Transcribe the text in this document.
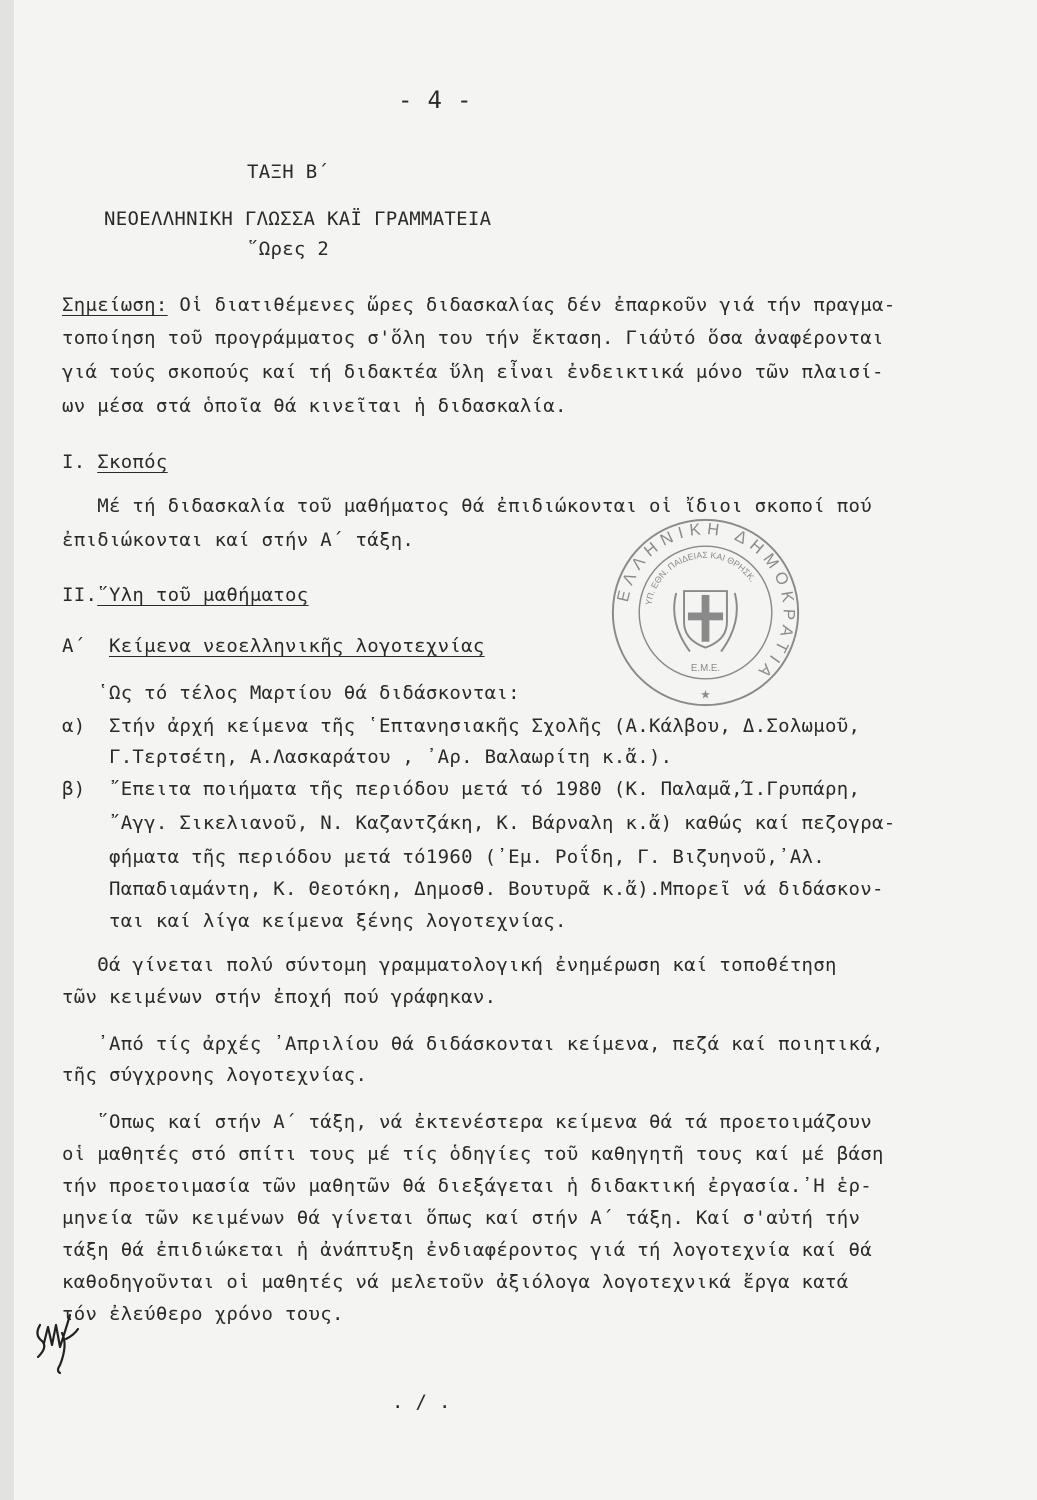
- 4 -
ΤΑΞΗ Β΄
ΝΕΟΕΛΛΗΝΙΚΗ ΓΛΩΣΣΑ ΚΑΪ ΓΡΑΜΜΑΤΕΙΑ
῞Ωρες 2
Σημείωση: Οἱ διατιθέμενες ὥρες διδασκαλίας δέν ἐπαρκοῦν γιά τήν πραγμα-
τοποίηση τοῦ προγράμματος σ'ὅλη του τήν ἔκταση. Γιάὐτό ὅσα ἀναφέρονται
γιά τούς σκοπούς καί τή διδακτέα ὕλη εἶναι ἐνδεικτικά μόνο τῶν πλαισί-
ων μέσα στά ὁποῖα θά κινεῖται ἡ διδασκαλία.
Ι. Σκοπός
Μέ τή διδασκαλία τοῦ μαθήματος θά ἐπιδιώκονται οἱ ἴδιοι σκοποί πού
ἐπιδιώκονται καί στήν Α΄ τάξη.
ΙΙ.῞Υλη τοῦ μαθήματος
Α΄  Κείμενα νεοελληνικῆς λογοτεχνίας
῾Ως τό τέλος Μαρτίου θά διδάσκονται:
α)  Στήν ἀρχή κείμενα τῆς ῾Επτανησιακῆς Σχολῆς (Α.Κάλβου, Δ.Σολωμοῦ,
Γ.Τερτσέτη, Α.Λασκαράτου , ᾽Αρ. Βαλαωρίτη κ.ἄ.).
β)  ῎Επειτα ποιήματα τῆς περιόδου μετά τό 1980 (Κ. Παλαμᾶ,Ί.Γρυπάρη,
῎Αγγ. Σικελιανοῦ, Ν. Καζαντζάκη, Κ. Βάρναλη κ.ἄ) καθώς καί πεζογρα-
φήματα τῆς περιόδου μετά τό1960 (᾽Εμ. Ροΐδη, Γ. Βιζυηνοῦ,᾽Αλ.
Παπαδιαμάντη, Κ. Θεοτόκη, Δημοσθ. Βουτυρᾶ κ.ἄ).Μπορεῖ νά διδάσκον-
ται καί λίγα κείμενα ξένης λογοτεχνίας.
Θά γίνεται πολύ σύντομη γραμματολογική ἐνημέρωση καί τοποθέτηση
τῶν κειμένων στήν ἐποχή πού γράφηκαν.
᾽Από τίς ἀρχές ᾽Απριλίου θά διδάσκονται κείμενα, πεζά καί ποιητικά,
τῆς σύγχρονης λογοτεχνίας.
῞Οπως καί στήν Α΄ τάξη, νά ἐκτενέστερα κείμενα θά τά προετοιμάζουν
οἱ μαθητές στό σπίτι τους μέ τίς ὁδηγίες τοῦ καθηγητῆ τους καί μέ βάση
τήν προετοιμασία τῶν μαθητῶν θά διεξάγεται ἡ διδακτική ἐργασία.᾽Η ἑρ-
μηνεία τῶν κειμένων θά γίνεται ὅπως καί στήν Α΄ τάξη. Καί σ'αὐτή τήν
τάξη θά ἐπιδιώκεται ἡ ἀνάπτυξη ἐνδιαφέροντος γιά τή λογοτεχνία καί θά
καθοδηγοῦνται οἱ μαθητές νά μελετοῦν ἀξιόλογα λογοτεχνικά ἔργα κατά
τόν ἐλεύθερο χρόνο τους.
. / .
ΕΛΛΗΝΙΚΗ ΔΗΜΟΚΡΑΤΙΑ
ΥΠ. ΕΘΝ. ΠΑΙΔΕΙΑΣ ΚΑΙ ΘΡΗΣΚ.
Ε.Μ.Ε.
★
